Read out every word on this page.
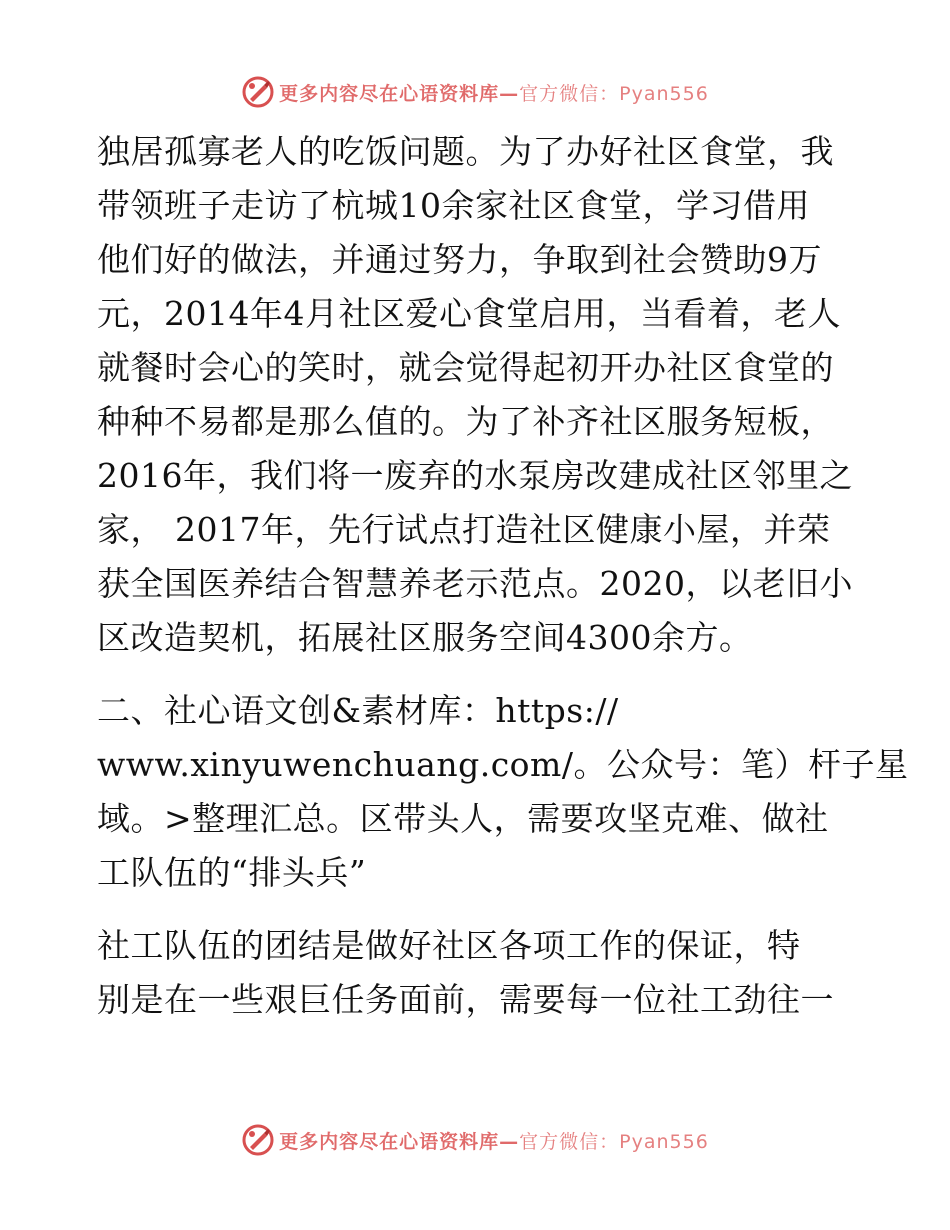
更多内容尽在心语资料库—官方微信：Pyan556
独居孤寡老人的吃饭问题。为了办好社区食堂，我
带领班子走访了杭城10余家社区食堂，学习借用
他们好的做法，并通过努力，争取到社会赞助9万
元，2014年4月社区爱心食堂启用，当看着，老人
就餐时会心的笑时，就会觉得起初开办社区食堂的
种种不易都是那么值的。为了补齐社区服务短板，
2016年，我们将一废弃的水泵房改建成社区邻里之
家， 2017年，先行试点打造社区健康小屋，并荣
获全国医养结合智慧养老示范点。2020，以老旧小
区改造契机，拓展社区服务空间4300余方。
二、社心语文创&素材库：https://
www.xinyuwenchuang.com/。公众号：笔）杆子星
域。>整理汇总。区带头人，需要攻坚克难、做社
工队伍的“排头兵”
社工队伍的团结是做好社区各项工作的保证，特
别是在一些艰巨任务面前，需要每一位社工劲往一
更多内容尽在心语资料库—官方微信：Pyan556
